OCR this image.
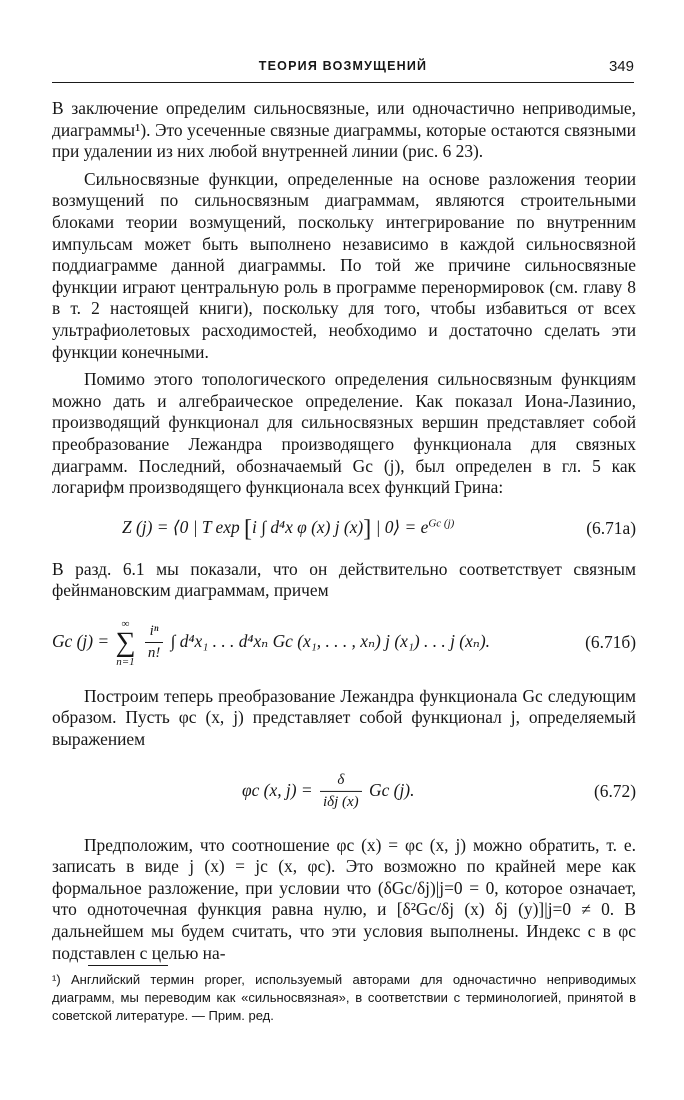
ТЕОРИЯ ВОЗМУЩЕНИЙ	349

В заключение определим сильносвязные, или одночастично неприводимые, диаграммы¹). Это усеченные связные диаграммы, которые остаются связными при удалении из них любой внутренней линии (рис. 6 23).

Сильносвязные функции, определенные на основе разложения теории возмущений по сильносвязным диаграммам, являются строительными блоками теории возмущений, поскольку интегрирование по внутренним импульсам может быть выполнено независимо в каждой сильносвязной поддиаграмме данной диаграммы. По той же причине сильносвязные функции играют центральную роль в программе перенормировок (см. главу 8 в т. 2 настоящей книги), поскольку для того, чтобы избавиться от всех ультрафиолетовых расходимостей, необходимо и достаточно сделать эти функции конечными.

Помимо этого топологического определения сильносвязным функциям можно дать и алгебраическое определение. Как показал Иона-Лазинио, производящий функционал для сильносвязных вершин представляет собой преобразование Лежандра производящего функционала для связных диаграмм. Последний, обозначаемый Gc (j), был определен в гл. 5 как логарифм производящего функционала всех функций Грина:

Z (j) = ⟨0 | T exp [i ∫ d⁴x φ (x) j (x)] | 0⟩ = $e^{Gc (j)}$	(6.71а)

В разд. 6.1 мы показали, что он действительно соответствует связным фейнмановским диаграммам, причем

Gc (j) =
∞
∑
n=1
$\frac{\text{iⁿ}}{n!}$ ∫ d⁴x₁ . . . d⁴xₙ Gc (x₁, . . . , xₙ) j (x₁) . . . j (xₙ).	(6.71б)

Построим теперь преобразование Лежандра функционала Gc следующим образом. Пусть φc (x, j) представляет собой функционал j, определяемый выражением

φc (x, $j) = \frac{\delta}{\text{iδj (x)}}$ Gc (j).	(6.72)

Предположим, что соотношение φc (x) = φc (x, j) можно обратить, т. е. записать в виде j (x) = jc (x, φc). Это возможно по крайней мере как формальное разложение, при условии что (δGc/δj)|j=0 = 0, которое означает, что одноточечная функция равна нулю, и [δ²Gc/δj (x) δj (y)]|j=0 ≠ 0. В дальнейшем мы будем считать, что эти условия выполнены. Индекс c в φc подставлен с целью на-

¹) Английский термин proper, используемый авторами для одночастично неприводимых диаграмм, мы переводим как «сильносвязная», в соответствии с терминологией, принятой в советской литературе. — Прим. ред.
